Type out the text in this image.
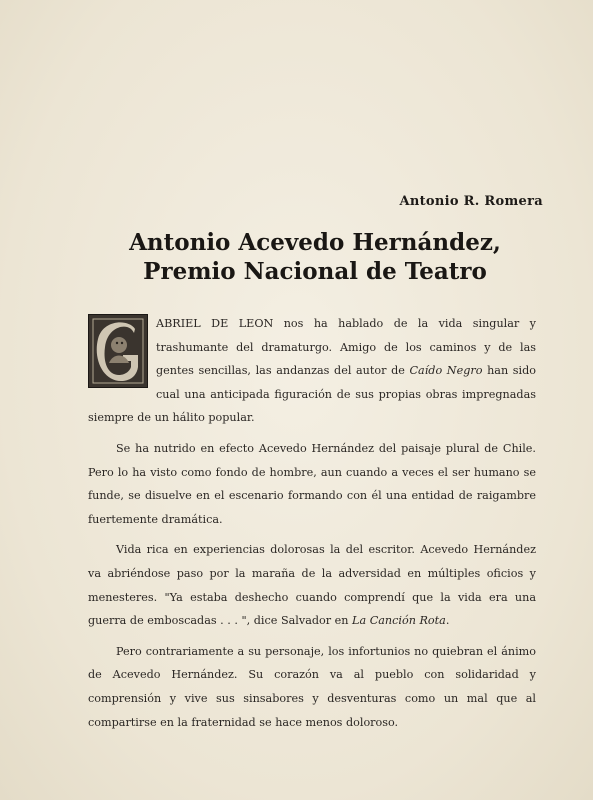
Antonio R. Romera
Antonio Acevedo Hernández,
Premio Nacional de Teatro

ABRIEL DE LEON nos ha hablado de la vida singular y trashumante del dramaturgo. Amigo de los caminos y de las gentes sencillas, las andanzas del autor de Caído Negro han sido cual una anticipada figuración de sus propias obras impregnadas siempre de un hálito popular.

Se ha nutrido en efecto Acevedo Hernández del paisaje plural de Chile. Pero lo ha visto como fondo de hombre, aun cuando a veces el ser humano se funde, se disuelve en el escenario formando con él una entidad de raigambre fuertemente dramática.

Vida rica en experiencias dolorosas la del escritor. Acevedo Hernández va abriéndose paso por la maraña de la adversidad en múltiples oficios y menesteres. "Ya estaba deshecho cuando comprendí que la vida era una guerra de emboscadas . . . ", dice Salvador en La Canción Rota.

Pero contrariamente a su personaje, los infortunios no quiebran el ánimo de Acevedo Hernández. Su corazón va al pueblo con solidaridad y comprensión y vive sus sinsabores y desventuras como un mal que al compartirse en la fraternidad se hace menos doloroso.
